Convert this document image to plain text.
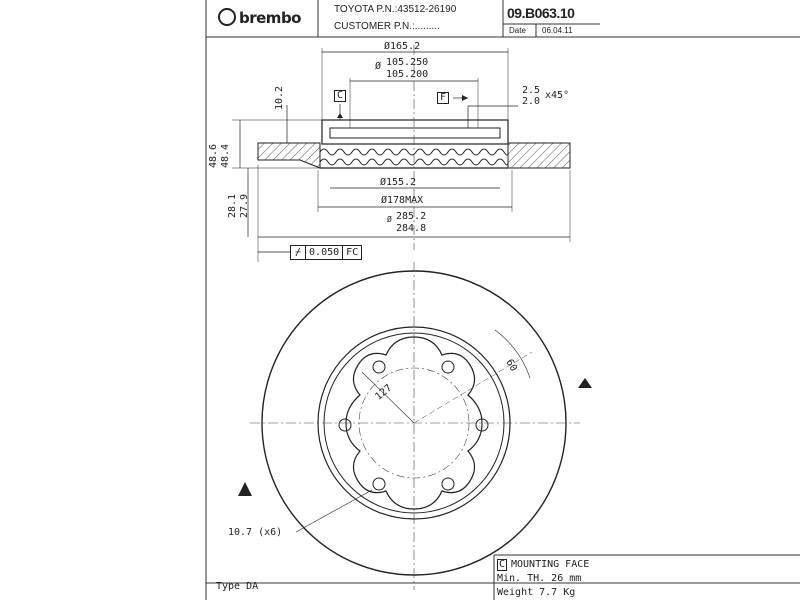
brembo	TOYOTA P.N.:43512-26190
CUSTOMER P.N.:.........
09.B063.10
Date 06.04.11
Ø165.2
Ø 105.250
105.200
10.2	C	F
2.5
2.0
x45°
48.6 48.4
28.1 27.9
Ø155.2
Ø178MAX
Ø 285.2
284.8
⌿ 0.050 FC
60
127
10.7 (x6)
Type DA
C MOUNTING FACE
Min. TH. 26 mm
Weight 7.7 Kg
